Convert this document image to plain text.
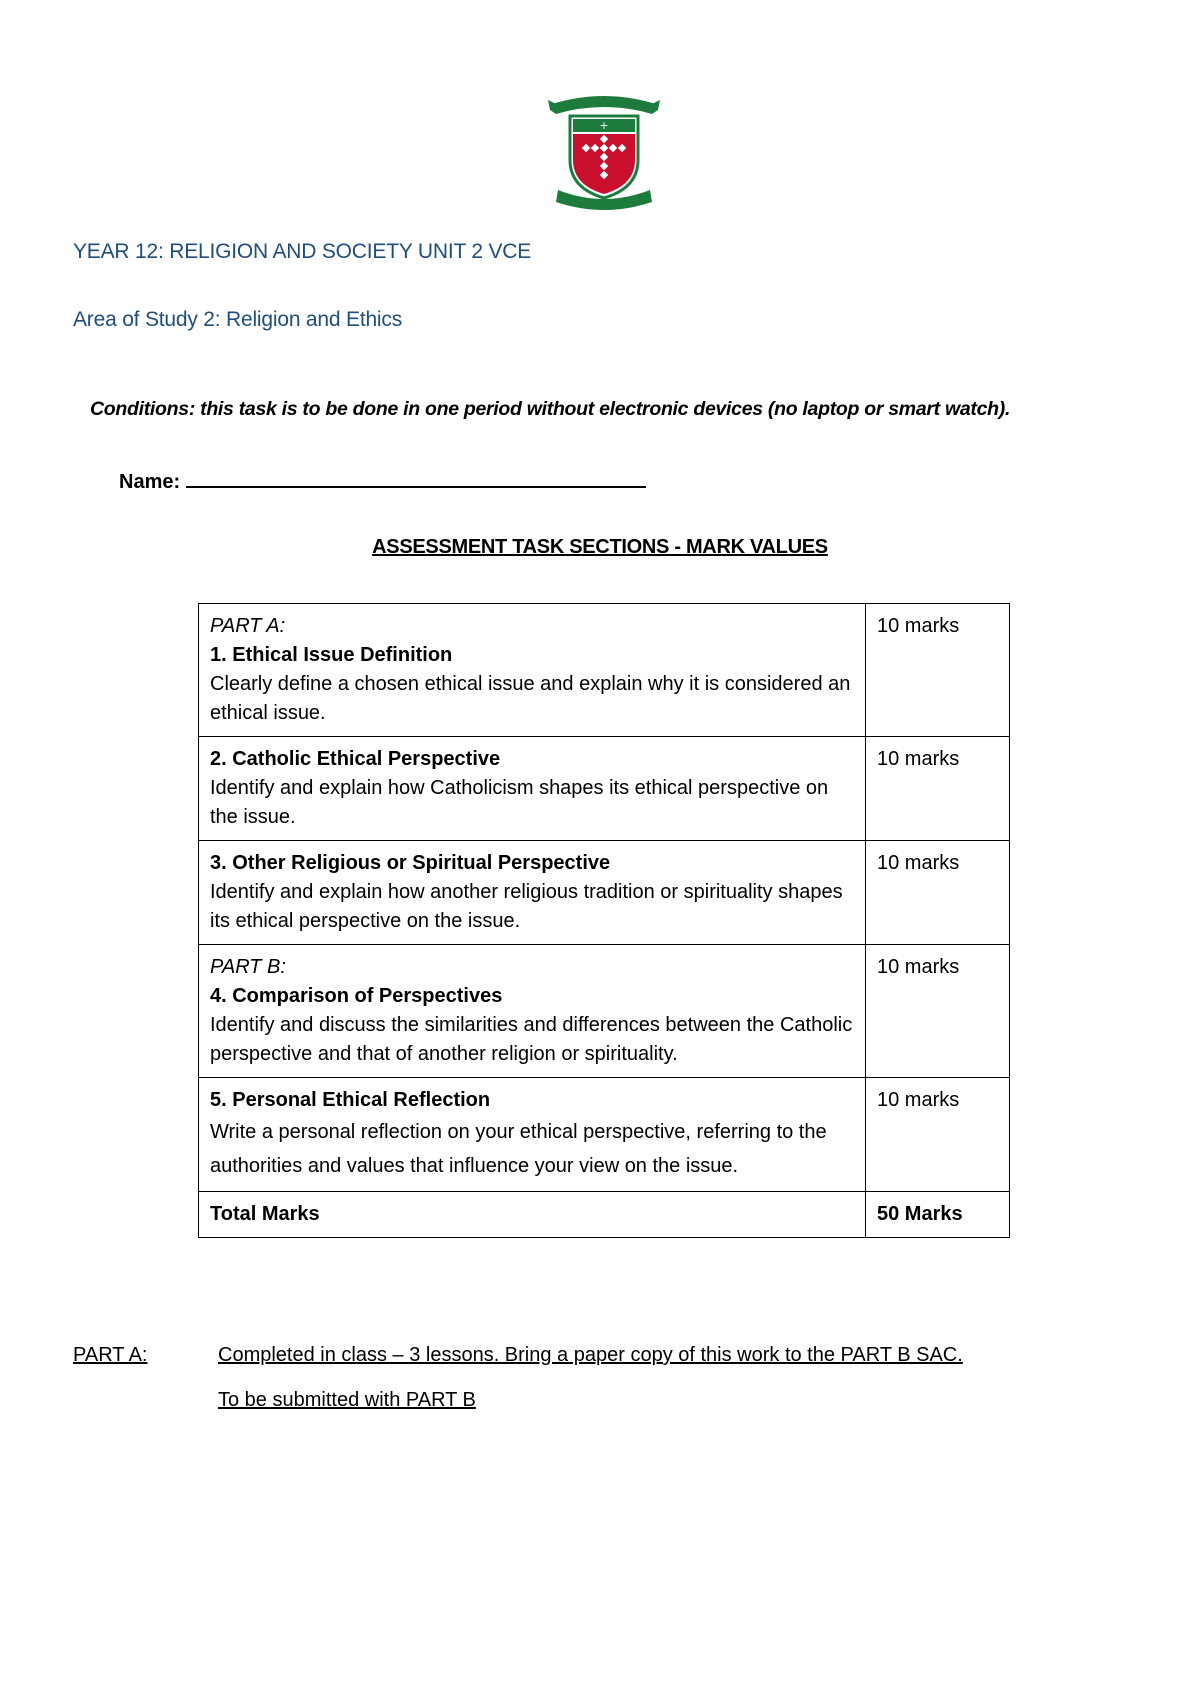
+
YEAR 12: RELIGION AND SOCIETY UNIT 2 VCE
Area of Study 2: Religion and Ethics
Conditions: this task is to be done in one period without electronic devices (no laptop or smart watch).
Name:
ASSESSMENT TASK SECTIONS - MARK VALUES
PART A:
1. Ethical Issue Definition
Clearly define a chosen ethical issue and explain why it is considered an ethical issue.	10 marks

2. Catholic Ethical Perspective
Identify and explain how Catholicism shapes its ethical perspective on the issue.	10 marks

3. Other Religious or Spiritual Perspective
Identify and explain how another religious tradition or spirituality shapes its ethical perspective on the issue.	10 marks

PART B:
4. Comparison of Perspectives
Identify and discuss the similarities and differences between the Catholic perspective and that of another religion or spirituality.	10 marks

5. Personal Ethical Reflection
Write a personal reflection on your ethical perspective, referring to the authorities and values that influence your view on the issue.	10 marks
Total Marks	50 Marks
PART A:	Completed in class – 3 lessons. Bring a paper copy of this work to the PART B SAC.
To be submitted with PART B
